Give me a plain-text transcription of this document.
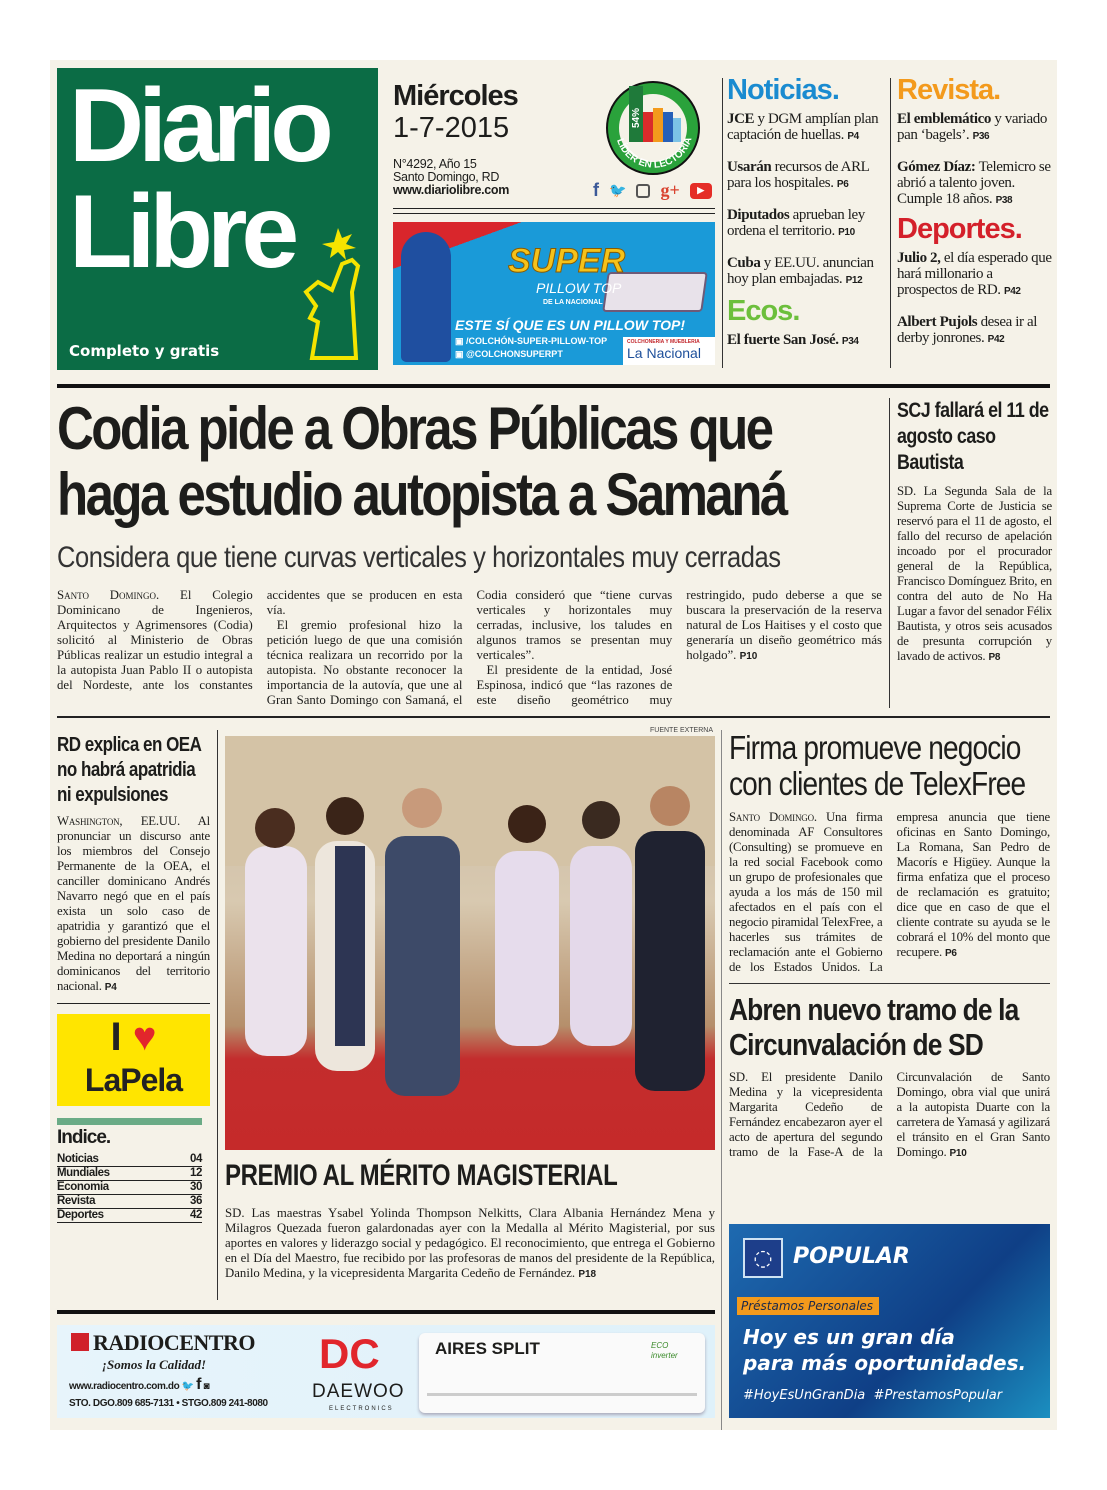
Diario
Libre
Completo y gratis
Miércoles
1-7-2015
N°4292, Año 15
Santo Domingo, RD
www.diariolibre.com
54%
LÍDER EN LECTORÍA
f 🐦 g+	▶
SUPER
PILLOW TOP
DE LA NACIONAL
ESTE SÍ QUE ES UN PILLOW TOP!
▣ /COLCHÓN-SUPER-PILLOW-TOP
▣ @COLCHONSUPERPT
COLCHONERIA Y MUEBLERIA
La Nacional
Noticias.

JCE y DGM amplían plan captación de huellas. P4

Usarán recursos de ARL para los hospitales. P6

Diputados aprueban ley ordena el territorio. P10

Cuba y EE.UU. anuncian hoy plan embajadas. P12

Ecos.

El fuerte San José. P34

Revista.

El emblemático y variado pan ‘bagels’. P36

Gómez Díaz: Telemicro se abrió a talento joven. Cumple 18 años. P38

Deportes.

Julio 2, el día esperado que hará millonario a prospectos de RD. P42

Albert Pujols desea ir al derby jonrones. P42

Codia pide a Obras Públicas que haga estudio autopista a Samaná
Considera que tiene curvas verticales y horizontales muy cerradas

Santo Domingo. El Colegio Dominicano de Ingenieros, Arquitectos y Agrimensores (Codia) solicitó al Ministerio de Obras Públicas realizar un estudio integral a la autopista Juan Pablo II o autopista del Nordeste, ante los constantes accidentes que se producen en esta vía.

El gremio profesional hizo la petición luego de que una comisión técnica realizara un recorrido por la autopista. No obstante reconocer la importancia de la autovía, que une al Gran Santo Domingo con Samaná, el Codia consideró que “tiene curvas verticales y horizontales muy cerradas, inclusive, los taludes en algunos tramos se presentan muy verticales”.

El presidente de la entidad, José Espinosa, indicó que “las razones de este diseño geométrico muy restringido, pudo deberse a que se buscara la preservación de la reserva natural de Los Haitises y el costo que generaría un diseño geométrico más holgado”. P10

SCJ fallará el 11 de agosto caso Bautista

SD. La Segunda Sala de la Suprema Corte de Justicia se reservó para el 11 de agosto, el fallo del recurso de apelación incoado por el procurador general de la República, Francisco Domínguez Brito, en contra del auto de No Ha Lugar a favor del senador Félix Bautista, y otros seis acusados de presunta corrupción y lavado de activos. P8

RD explica en OEA no habrá apatridia ni expulsiones

Washington, EE.UU. Al pronunciar un discurso ante los miembros del Consejo Permanente de la OEA, el canciller dominicano Andrés Navarro negó que en el país exista un solo caso de apatridia y garantizó que el gobierno del presidente Danilo Medina no deportará a ningún dominicanos del territorio nacional. P4

I ♥
LaPela
Indice.
Noticias	04
Mundiales	12
Economia	30
Revista	36
Deportes	42
FUENTE EXTERNA
PREMIO AL MÉRITO MAGISTERIAL

SD. Las maestras Ysabel Yolinda Thompson Nelkitts, Clara Albania Hernández Mena y Milagros Quezada fueron galardonadas ayer con la Medalla al Mérito Magisterial, por sus aportes en valores y liderazgo social y pedagógico. El reconocimiento, que entrega el Gobierno en el Día del Maestro, fue recibido por las profesoras de manos del presidente de la República, Danilo Medina, y la vicepresidenta Margarita Cedeño de Fernández. P18

Firma promueve negocio con clientes de TelexFree

Santo Domingo. Una firma denominada AF Consultores (Consulting) se promueve en la red social Facebook como un grupo de profesionales que ayuda a los más de 150 mil afectados en el país con el negocio piramidal TelexFree, a hacerles sus trámites de reclamación ante el Gobierno de los Estados Unidos. La empresa anuncia que tiene oficinas en Santo Domingo, La Romana, San Pedro de Macorís e Higüey. Aunque la firma enfatiza que el proceso de reclamación es gratuito; dice que en caso de que el cliente contrate su ayuda se le cobrará el 10% del monto que recupere. P6

Abren nuevo tramo de la Circunvalación de SD

SD. El presidente Danilo Medina y la vicepresidenta Margarita Cedeño de Fernández encabezaron ayer el acto de apertura del segundo tramo de la Fase-A de la Circunvalación de Santo Domingo, obra vial que unirá a la autopista Duarte con la carretera de Yamasá y agilizará el tránsito en el Gran Santo Domingo. P10

◌ POPULAR
Préstamos Personales
Hoy es un gran día
para más oportunidades.
#HoyEsUnGranDia #PrestamosPopular
RADIOCENTRO
¡Somos la Calidad!
www.radiocentro.com.do 🐦 f ◙
STO. DGO.809 685-7131 • STGO.809 241-8080
DC
DAEWOO
ELECTRONICS
AIRES SPLIT	ECO inverter
